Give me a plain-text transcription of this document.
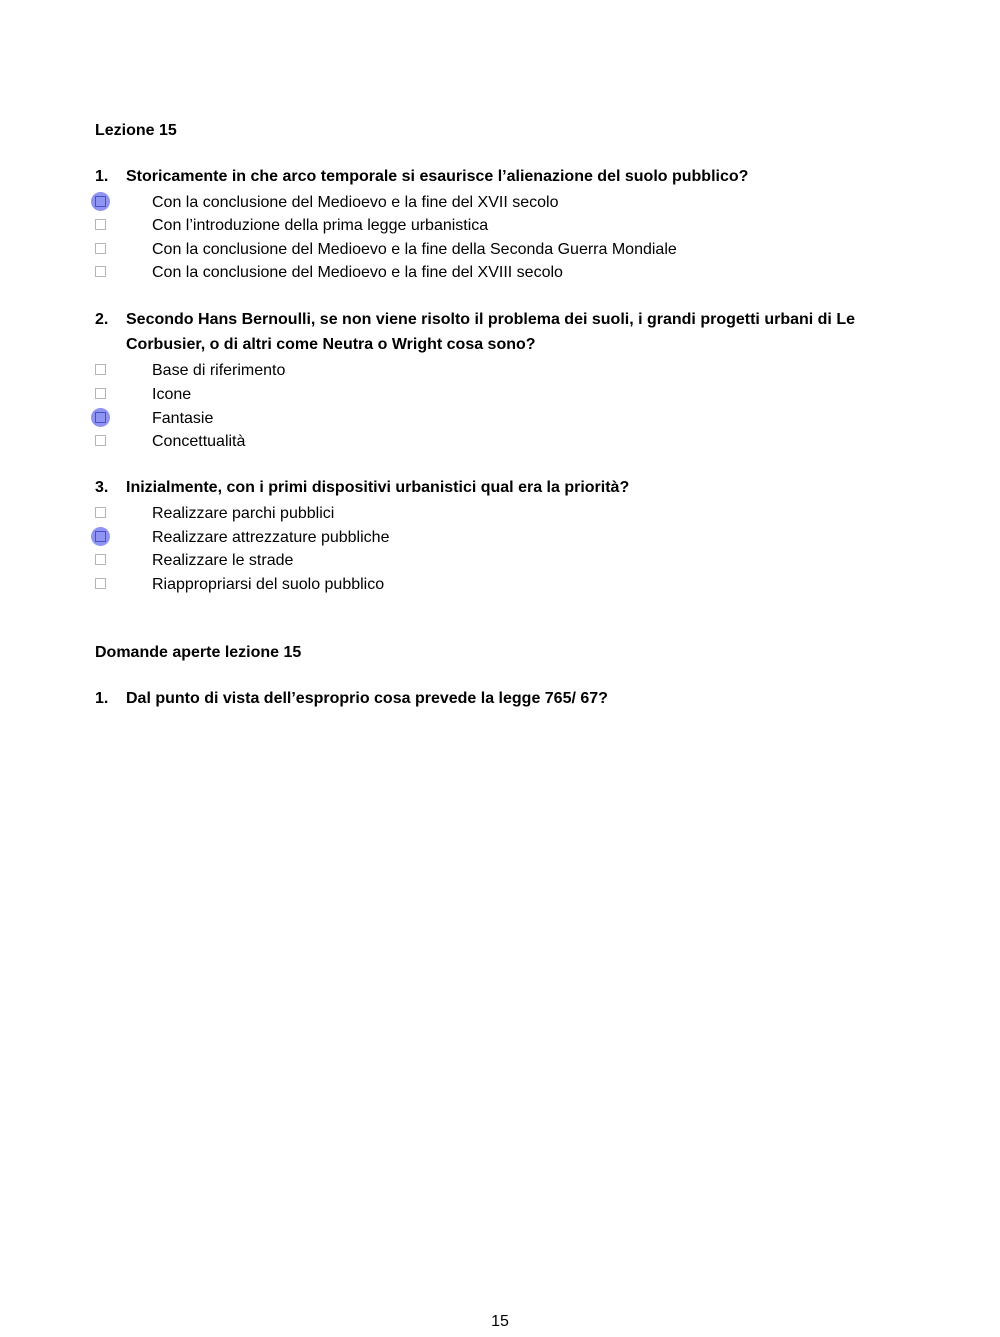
Lezione 15
1.	Storicamente in che arco temporale si esaurisce l’alienazione del suolo pubblico?
Con la conclusione del Medioevo e la fine del XVII secolo
Con l’introduzione della prima legge urbanistica
Con la conclusione del Medioevo e la fine della Seconda Guerra Mondiale
Con la conclusione del Medioevo e la fine del XVIII secolo
2.	Secondo Hans Bernoulli, se non viene risolto il problema dei suoli, i grandi progetti urbani di Le Corbusier, o di altri come Neutra o Wright cosa sono?
Base di riferimento
Icone
Fantasie
Concettualità
3.	Inizialmente, con i primi dispositivi urbanistici qual era la priorità?
Realizzare parchi pubblici
Realizzare attrezzature pubbliche
Realizzare le strade
Riappropriarsi del suolo pubblico
Domande aperte lezione 15
1.	Dal punto di vista dell’esproprio cosa prevede la legge 765/ 67?
15
